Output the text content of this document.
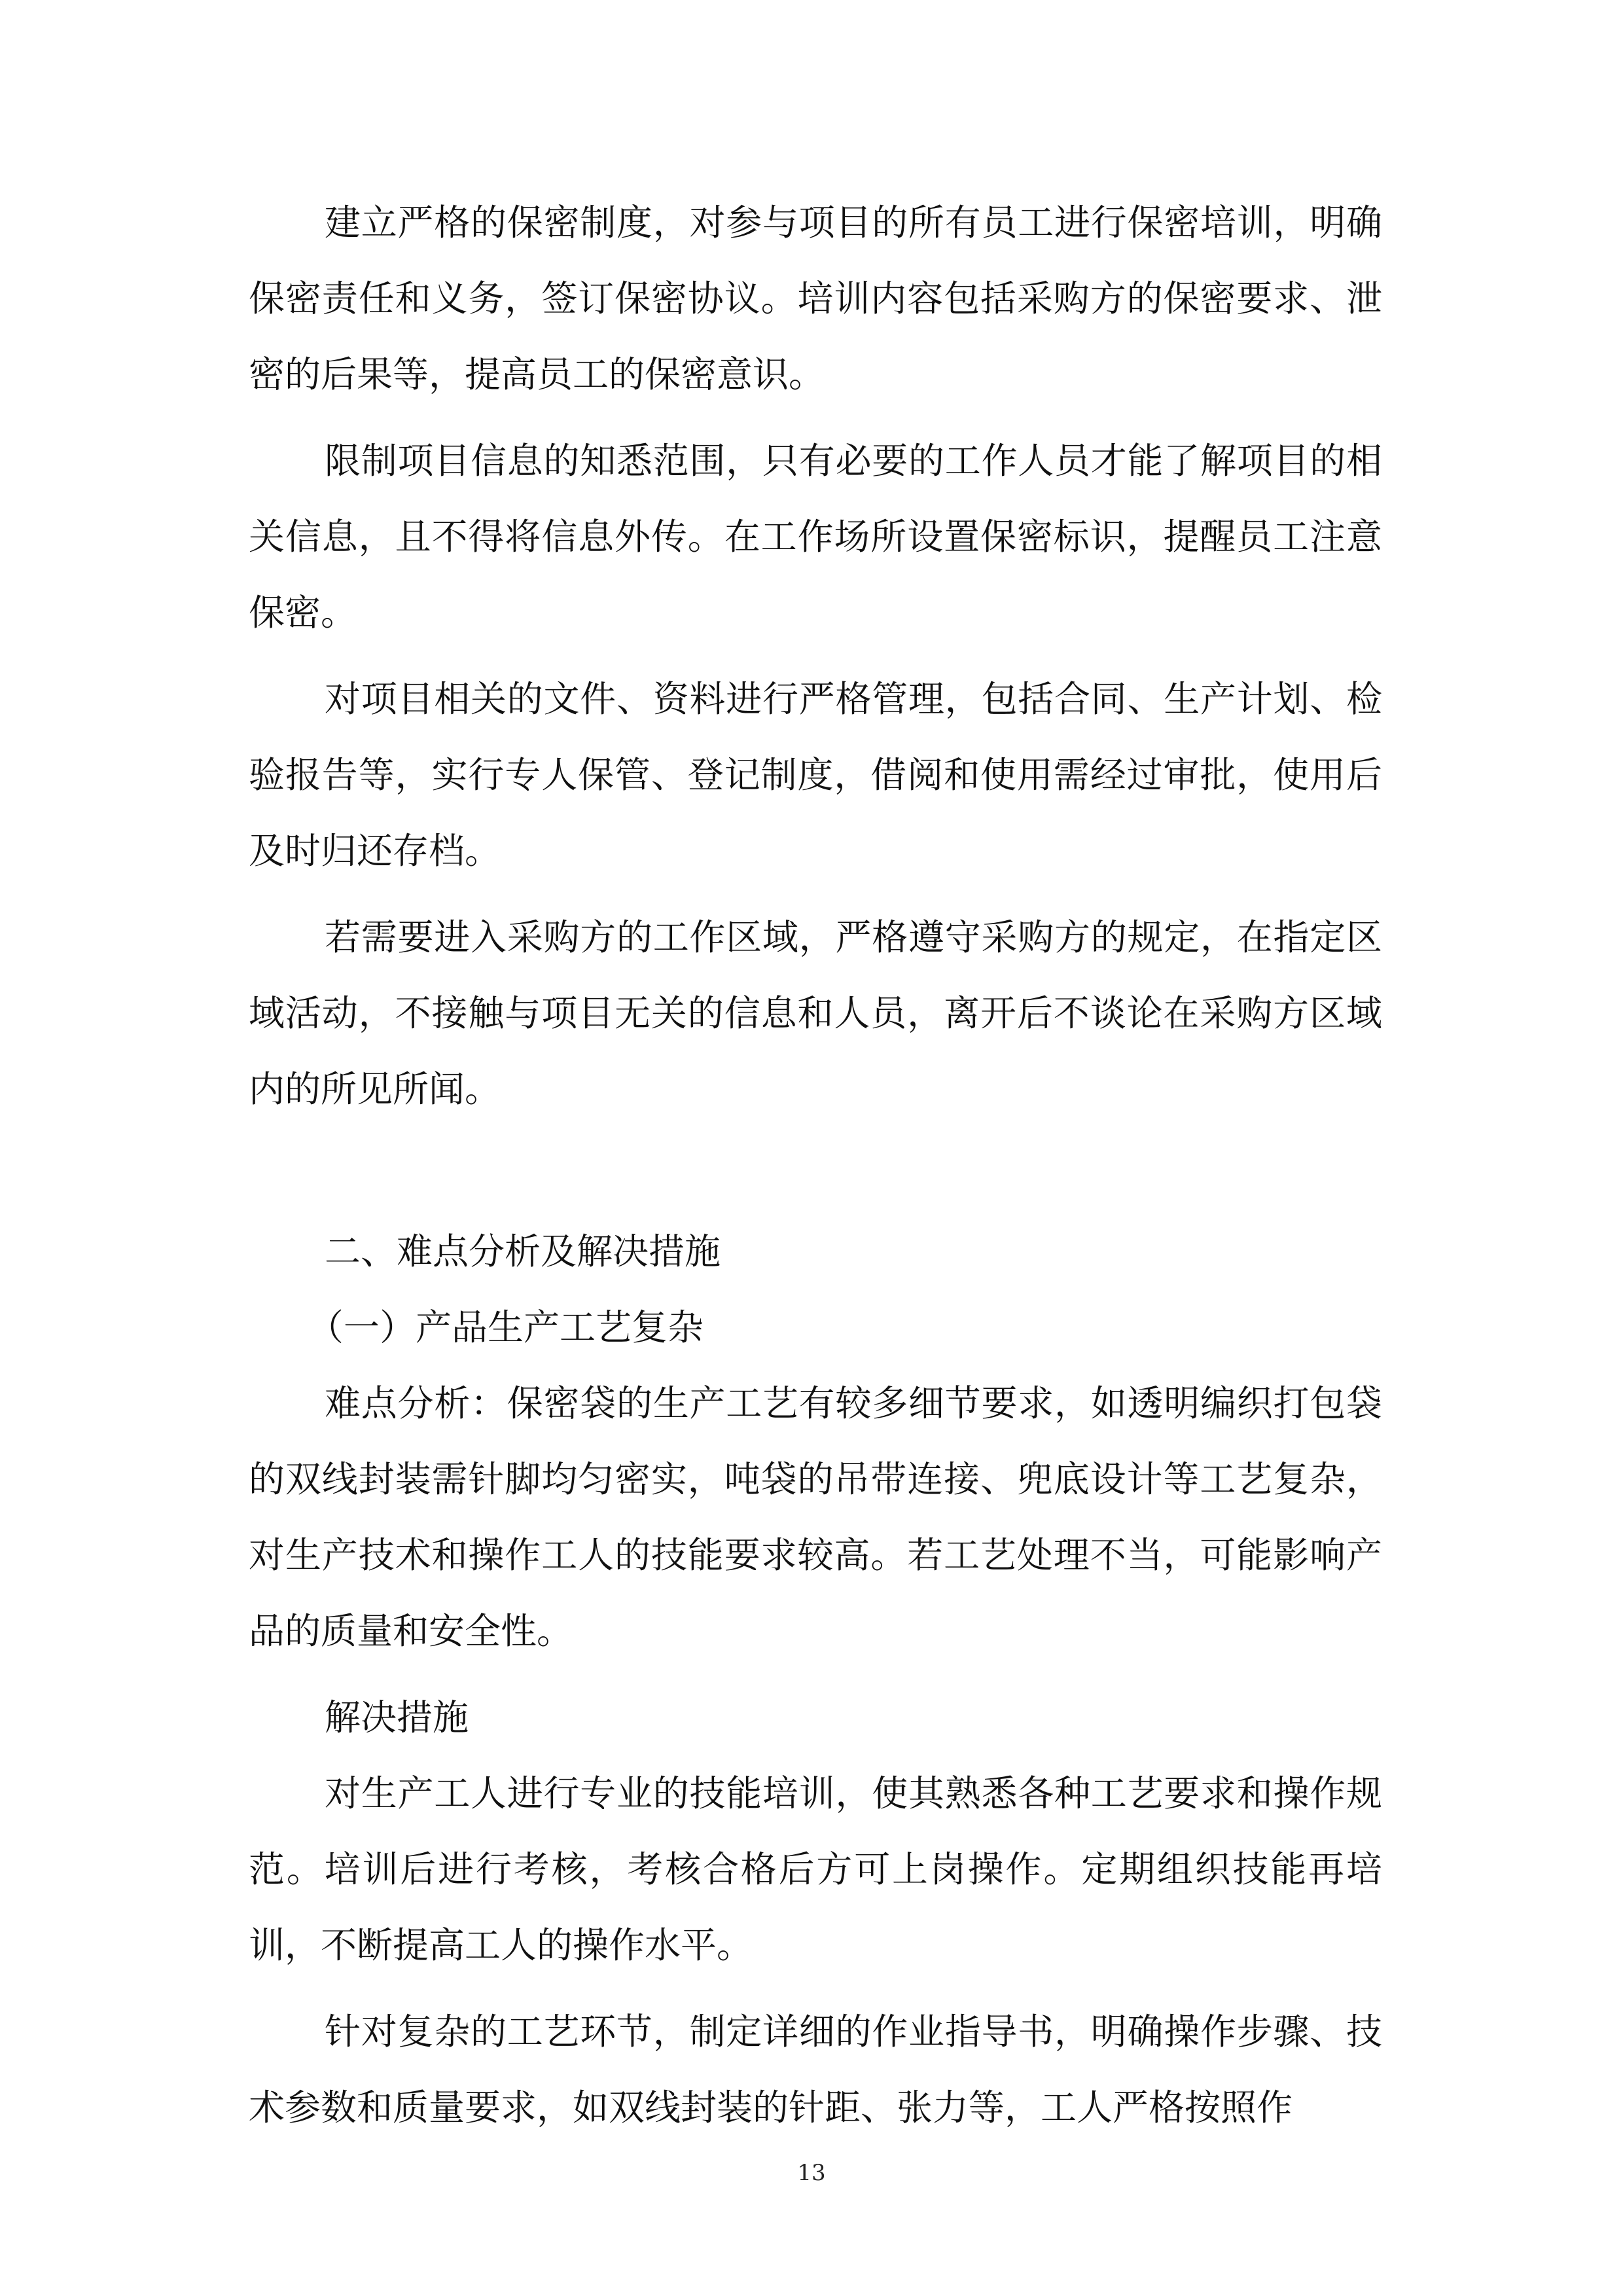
建立严格的保密制度，对参与项目的所有员工进行保密培训，明确保密责任和义务，签订保密协议。培训内容包括采购方的保密要求、泄密的后果等，提高员工的保密意识。

限制项目信息的知悉范围，只有必要的工作人员才能了解项目的相关信息，且不得将信息外传。在工作场所设置保密标识，提醒员工注意保密。

对项目相关的文件、资料进行严格管理，包括合同、生产计划、检验报告等，实行专人保管、登记制度，借阅和使用需经过审批，使用后及时归还存档。

若需要进入采购方的工作区域，严格遵守采购方的规定，在指定区域活动，不接触与项目无关的信息和人员，离开后不谈论在采购方区域内的所见所闻。

二、难点分析及解决措施

（一）产品生产工艺复杂

难点分析：保密袋的生产工艺有较多细节要求，如透明编织打包袋的双线封装需针脚均匀密实，吨袋的吊带连接、兜底设计等工艺复杂，对生产技术和操作工人的技能要求较高。若工艺处理不当，可能影响产品的质量和安全性。

解决措施

对生产工人进行专业的技能培训，使其熟悉各种工艺要求和操作规范。培训后进行考核，考核合格后方可上岗操作。定期组织技能再培训，不断提高工人的操作水平。

针对复杂的工艺环节，制定详细的作业指导书，明确操作步骤、技术参数和质量要求，如双线封装的针距、张力等，工人严格按照作

13
